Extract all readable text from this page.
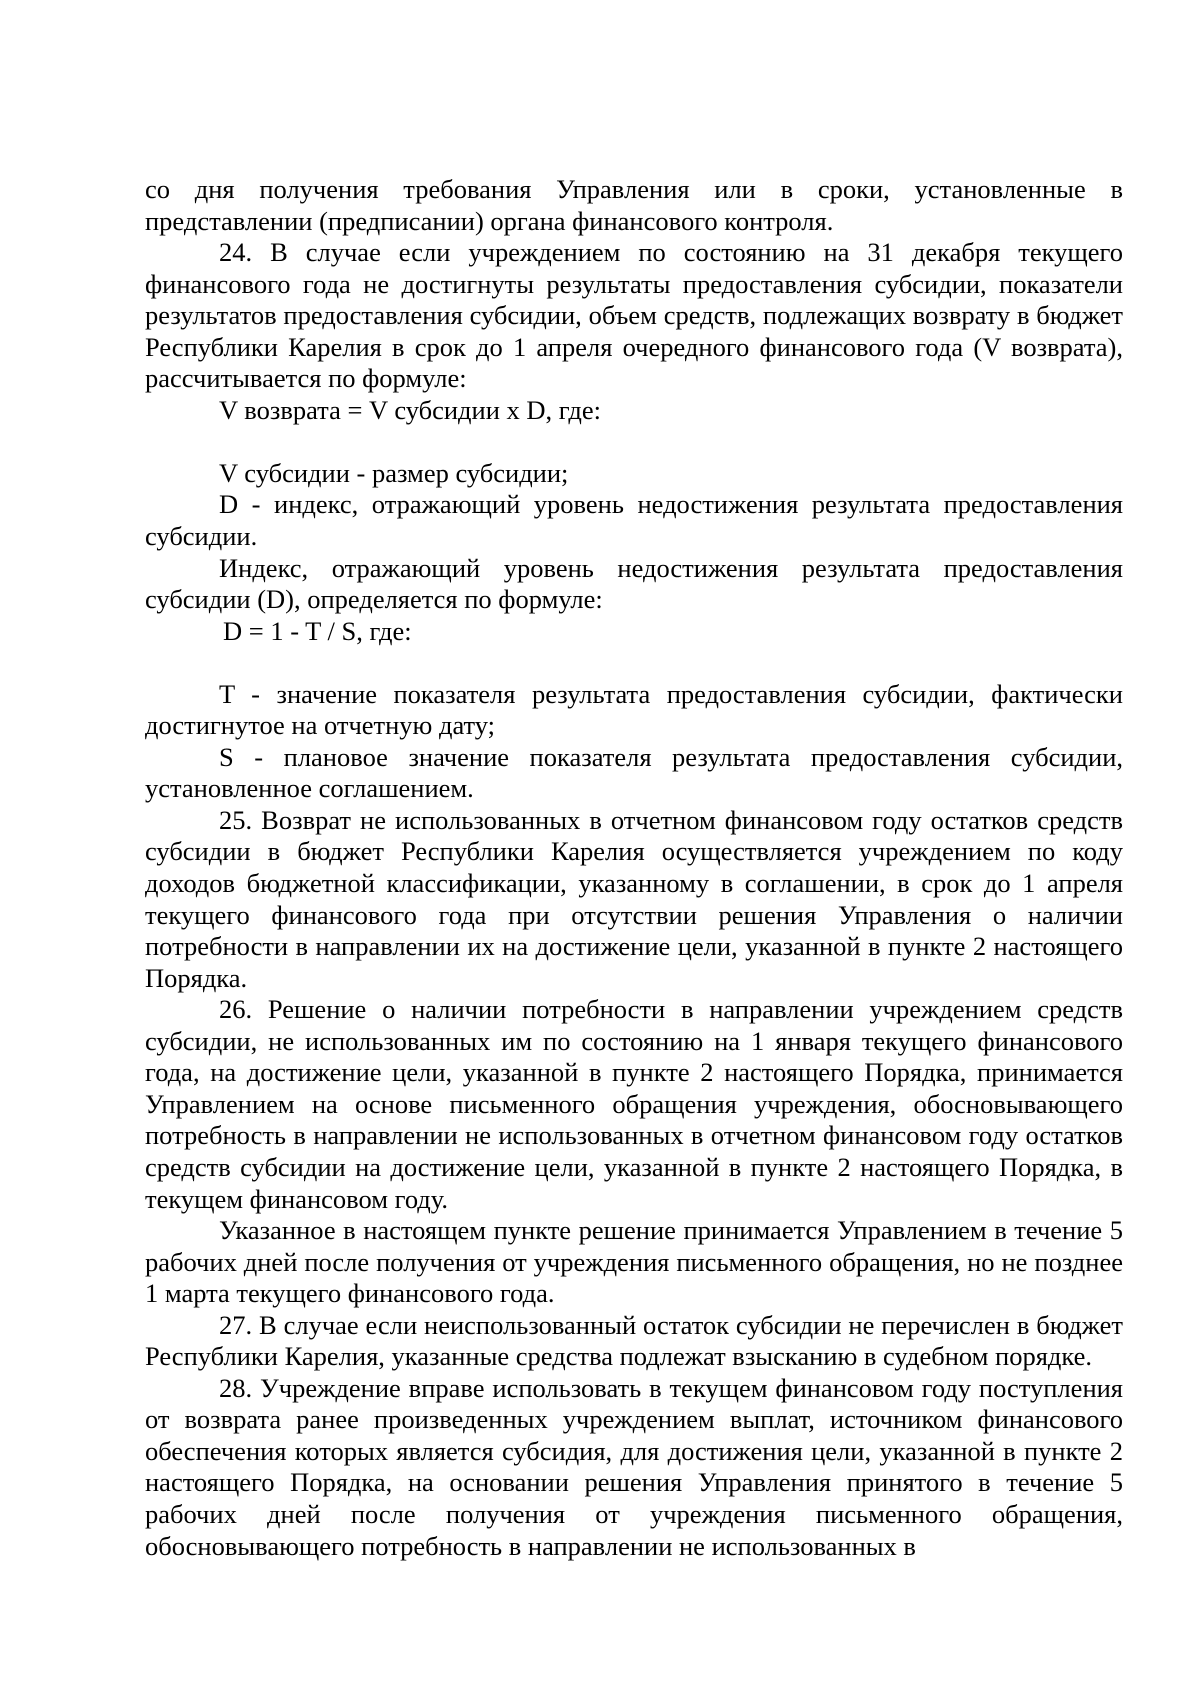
со дня получения требования Управления или в сроки, установленные в представлении (предписании) органа финансового контроля.

24. В случае если учреждением по состоянию на 31 декабря текущего финансового года не достигнуты результаты предоставления субсидии, показатели результатов предоставления субсидии, объем средств, подлежащих возврату в бюджет Республики Карелия в срок до 1 апреля очередного финансового года (V возврата), рассчитывается по формуле:

V возврата = V субсидии x D, где:

V субсидии - размер субсидии;

D - индекс, отражающий уровень недостижения результата предоставления субсидии.

Индекс, отражающий уровень недостижения результата предоставления субсидии (D), определяется по формуле:

D = 1 - T / S, где:

T - значение показателя результата предоставления субсидии, фактически достигнутое на отчетную дату;

S - плановое значение показателя результата предоставления субсидии, установленное соглашением.

25. Возврат не использованных в отчетном финансовом году остатков средств субсидии в бюджет Республики Карелия осуществляется учреждением по коду доходов бюджетной классификации, указанному в соглашении, в срок до 1 апреля текущего финансового года при отсутствии решения Управления о наличии потребности в направлении их на достижение цели, указанной в пункте 2 настоящего Порядка.

26. Решение о наличии потребности в направлении учреждением средств субсидии, не использованных им по состоянию на 1 января текущего финансового года, на достижение цели, указанной в пункте 2 настоящего Порядка, принимается Управлением на основе письменного обращения учреждения, обосновывающего потребность в направлении не использованных в отчетном финансовом году остатков средств субсидии на достижение цели, указанной в пункте 2 настоящего Порядка, в текущем финансовом году.

Указанное в настоящем пункте решение принимается Управлением в течение 5 рабочих дней после получения от учреждения письменного обращения, но не позднее 1 марта текущего финансового года.

27. В случае если неиспользованный остаток субсидии не перечислен в бюджет Республики Карелия, указанные средства подлежат взысканию в судебном порядке.

28. Учреждение вправе использовать в текущем финансовом году поступления от возврата ранее произведенных учреждением выплат, источником финансового обеспечения которых является субсидия, для достижения цели, указанной в пункте 2 настоящего Порядка, на основании решения Управления принятого в течение 5 рабочих дней после получения от учреждения письменного обращения, обосновывающего потребность в направлении не использованных в
